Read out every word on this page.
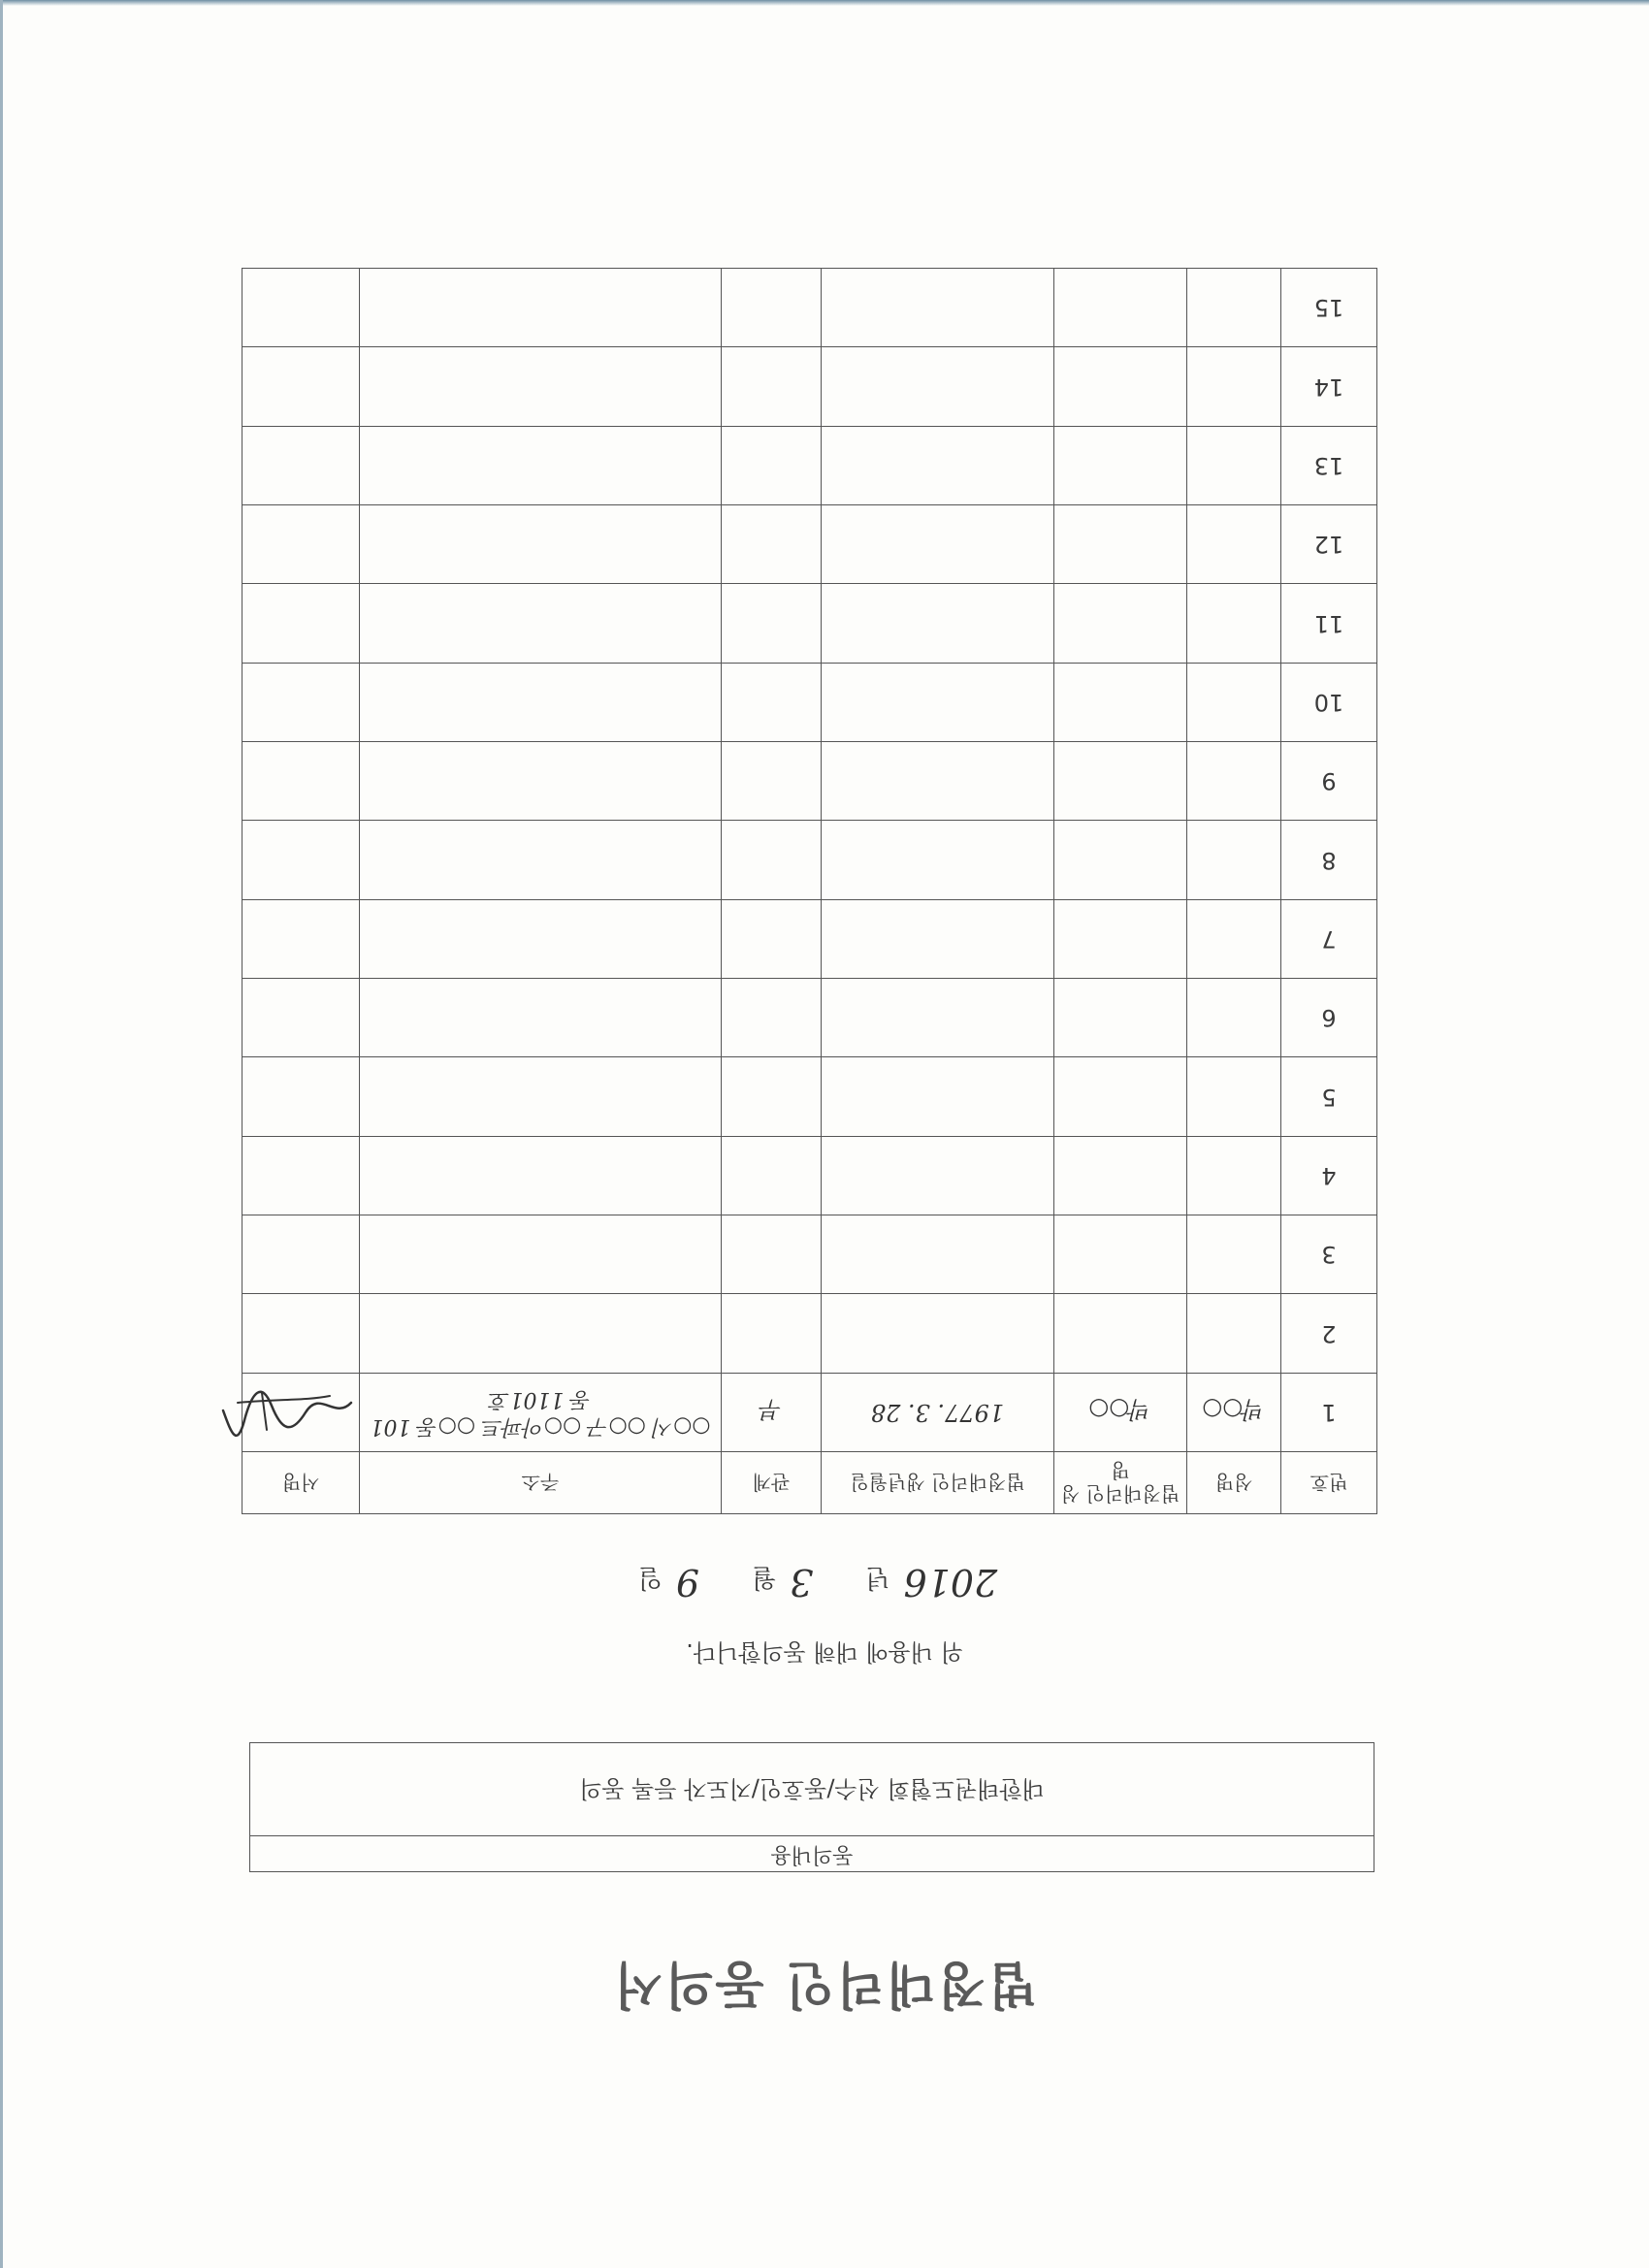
법정대리인 동의서
동의내용
대한태권도협회 선수/동호인/지도자 등록 동의
위 내용에 대해 동의합니다.
2016년3월9일
번호	성명	법정대리인 성명	법정대리인 생년월일	관계	주소	서명
1	박○○	박○○	1977. 3. 28	부	○○시 ○○구 ○○아파트 ○○동 101동 1101호	
2						
3						
4						
5						
6						
7						
8						
9						
10						
11						
12						
13						
14						
15						
